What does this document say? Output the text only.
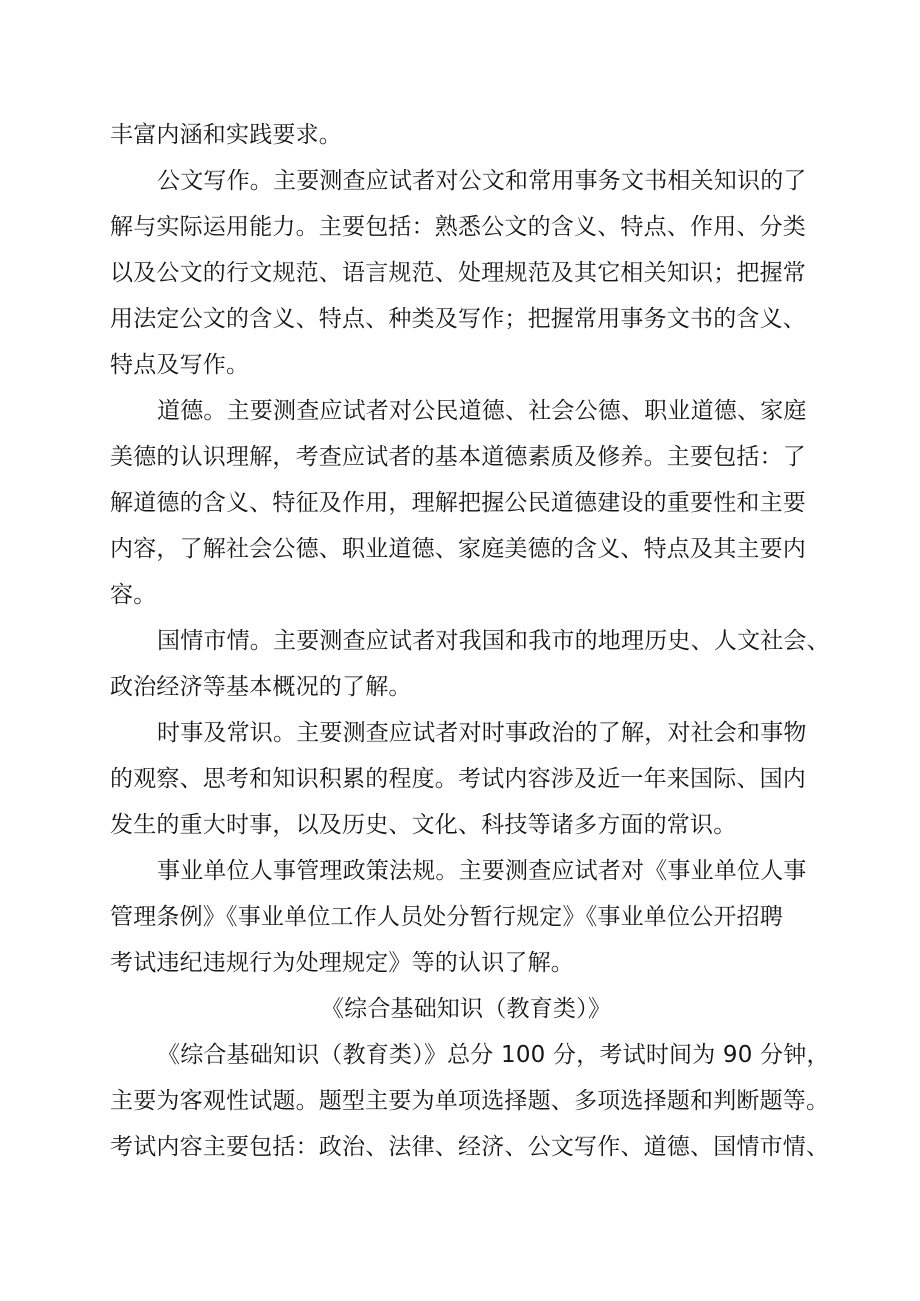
丰富内涵和实践要求。
公文写作。主要测查应试者对公文和常用事务文书相关知识的了
解与实际运用能力。主要包括：熟悉公文的含义、特点、作用、分类
以及公文的行文规范、语言规范、处理规范及其它相关知识；把握常
用法定公文的含义、特点、种类及写作；把握常用事务文书的含义、
特点及写作。
道德。主要测查应试者对公民道德、社会公德、职业道德、家庭
美德的认识理解，考查应试者的基本道德素质及修养。主要包括：了
解道德的含义、特征及作用，理解把握公民道德建设的重要性和主要
内容，了解社会公德、职业道德、家庭美德的含义、特点及其主要内
容。
国情市情。主要测查应试者对我国和我市的地理历史、人文社会、
政治经济等基本概况的了解。
时事及常识。主要测查应试者对时事政治的了解，对社会和事物
的观察、思考和知识积累的程度。考试内容涉及近一年来国际、国内
发生的重大时事，以及历史、文化、科技等诸多方面的常识。
事业单位人事管理政策法规。主要测查应试者对《事业单位人事
管理条例》《事业单位工作人员处分暂行规定》《事业单位公开招聘
考试违纪违规行为处理规定》等的认识了解。
《综合基础知识（教育类）》
《综合基础知识（教育类）》总分 100 分，考试时间为 90 分钟，
主要为客观性试题。题型主要为单项选择题、多项选择题和判断题等。
考试内容主要包括：政治、法律、经济、公文写作、道德、国情市情、
